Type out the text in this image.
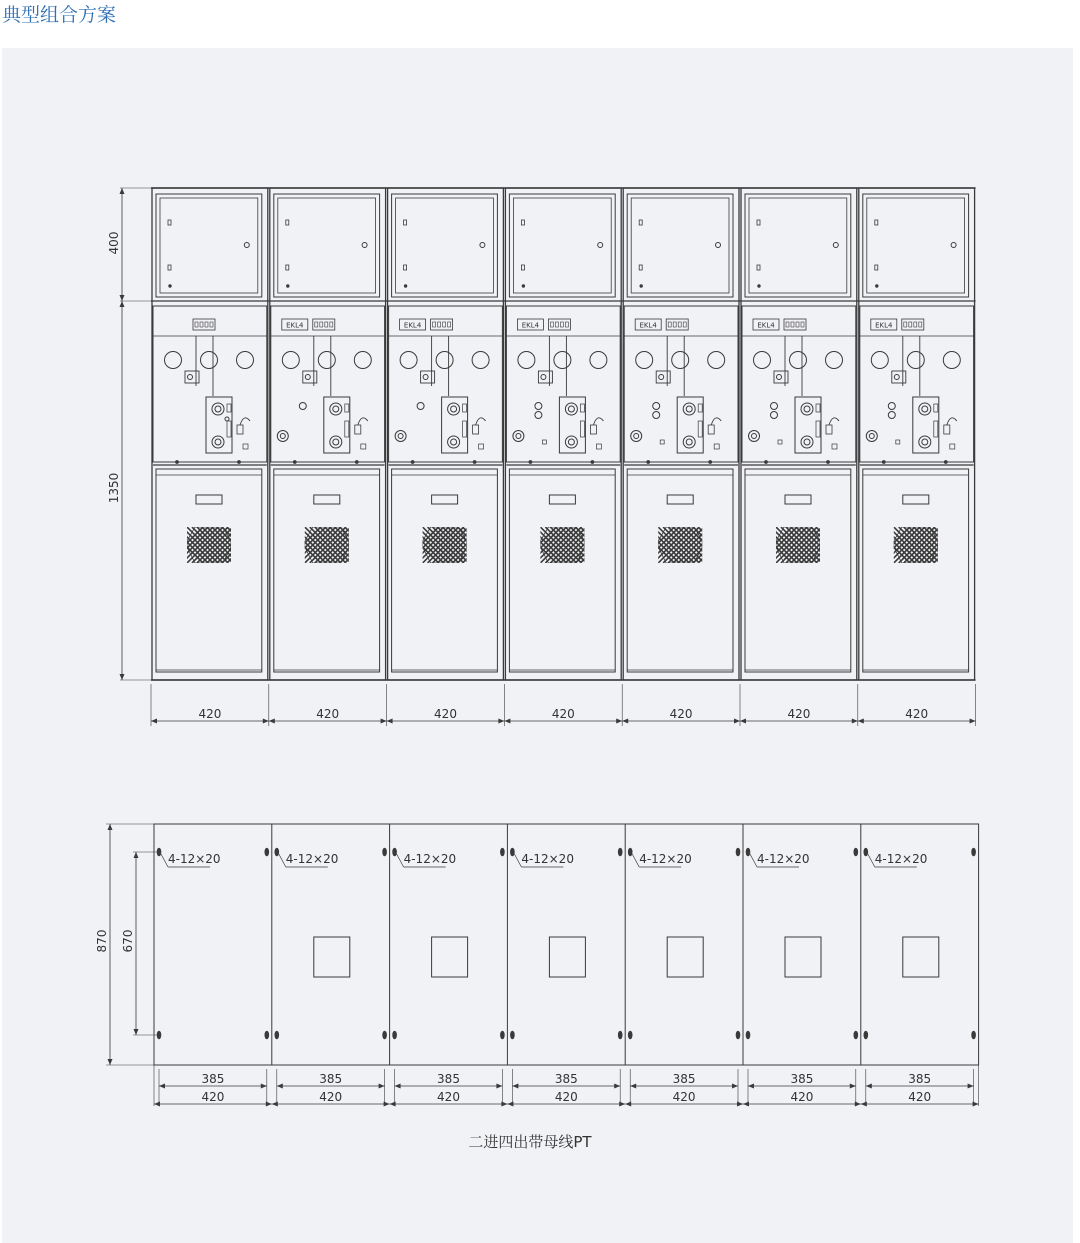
典型组合方案
二进四出带母线PT
EKL4	EKL4	EKL4	EKL4	EKL4	EKL4
400
1350
420	420	420	420	420	420	420
4-12×20
385
420
4-12×20
385
420
4-12×20
385
420
4-12×20
385
420
4-12×20
385
420
4-12×20
385
420
4-12×20
385
420
870 670
